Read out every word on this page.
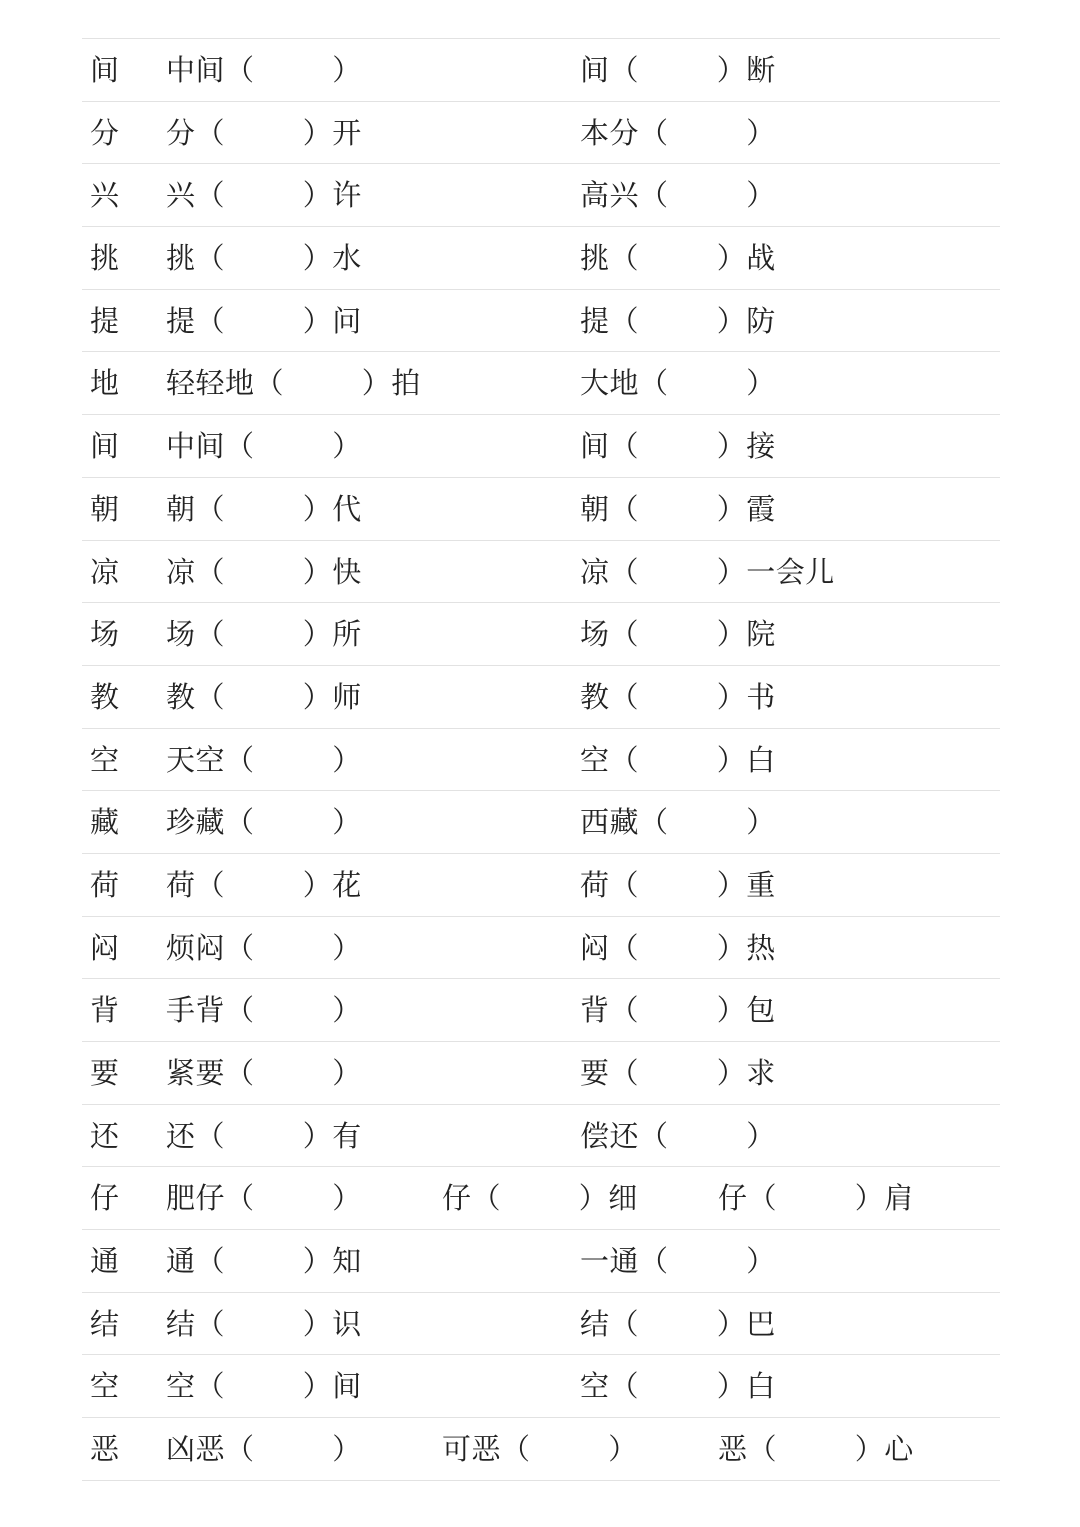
间 中间（        ）	间（        ）断
分 分（        ）开	本分（        ）
兴 兴（        ）许	高兴（        ）
挑 挑（        ）水	挑（        ）战
提 提（        ）问	提（        ）防
地 轻轻地（        ）拍	大地（        ）
间 中间（        ）	间（        ）接
朝 朝（        ）代	朝（        ）霞
凉 凉（        ）快	凉（        ）一会儿
场 场（        ）所	场（        ）院
教 教（        ）师	教（        ）书
空 天空（        ）	空（        ）白
藏 珍藏（        ）	西藏（        ）
荷 荷（        ）花	荷（        ）重
闷 烦闷（        ）	闷（        ）热
背 手背（        ）	背（        ）包
要 紧要（        ）	要（        ）求
还 还（        ）有	偿还（        ）
仔 肥仔（        ）	仔（        ）细	仔（        ）肩
通 通（        ）知	一通（        ）
结 结（        ）识	结（        ）巴
空 空（        ）间	空（        ）白
恶 凶恶（        ）	可恶（        ）	恶（        ）心
